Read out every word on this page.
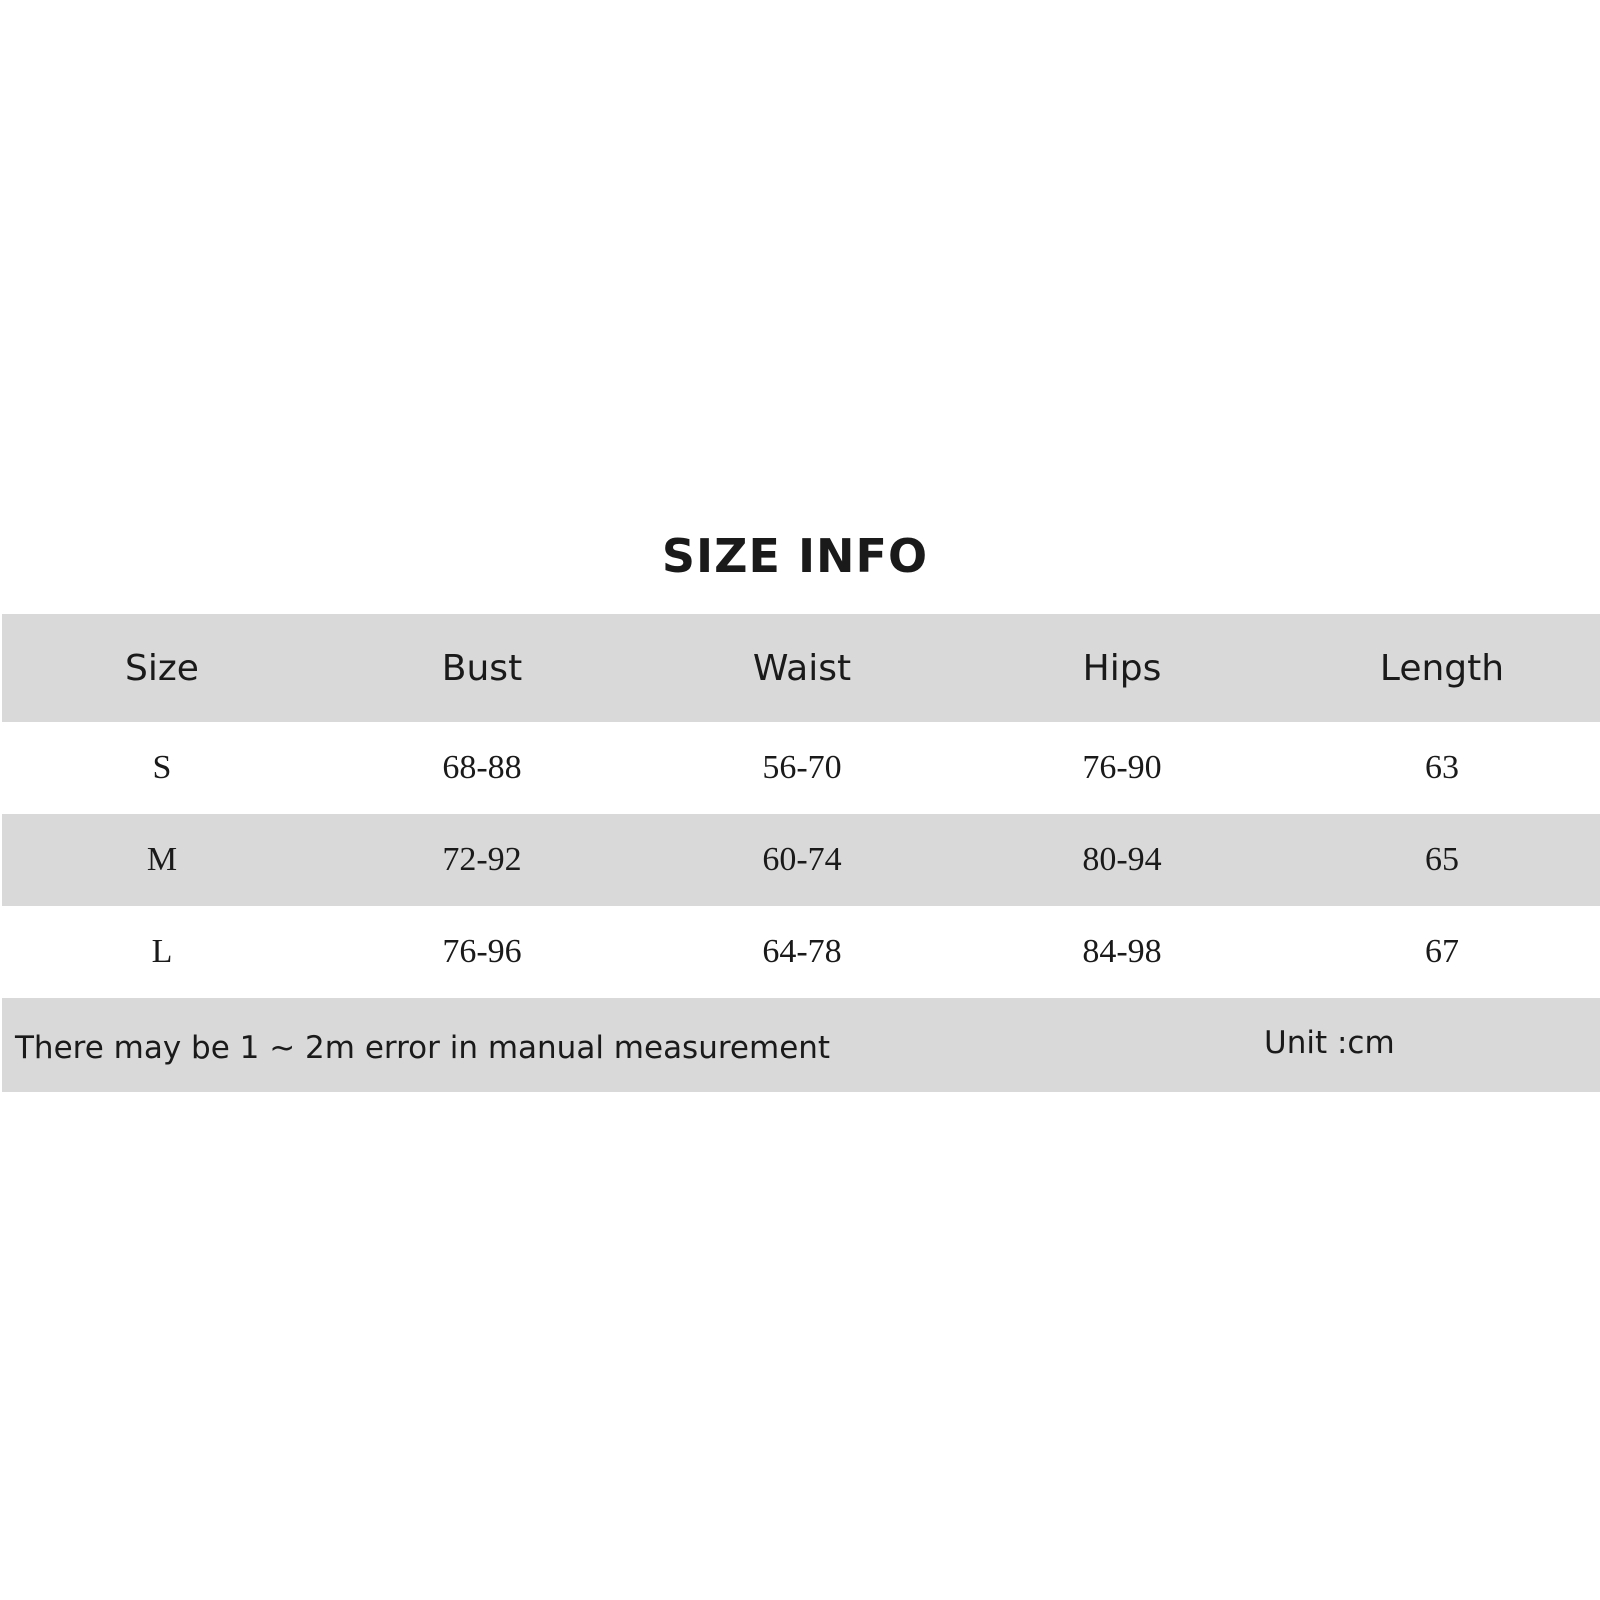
SIZE INFO
Size	Bust	Waist	Hips	Length
S	68-88	56-70	76-90	63
M	72-92	60-74	80-94	65
L	76-96	64-78	84-98	67
There may be 1 ~ 2m error in manual measurement	Unit :cm
